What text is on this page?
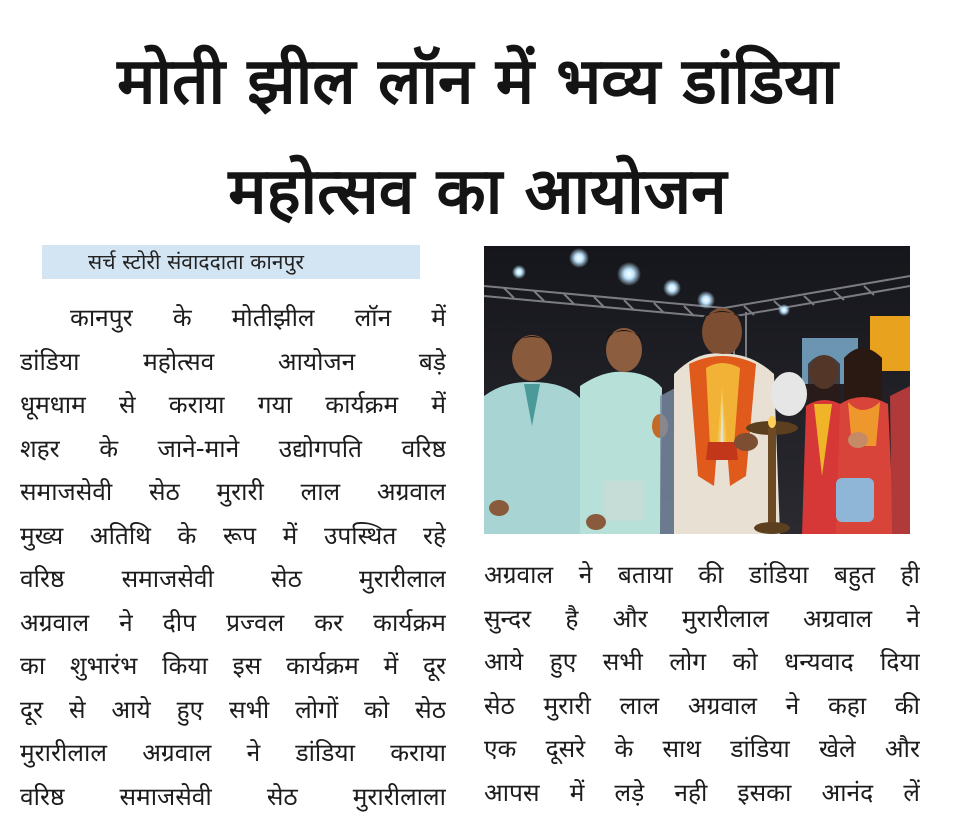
मोती झील लॉन में भव्य डांडिया
महोत्सव का आयोजन
सर्च स्टोरी संवाददाता कानपुर
कानपुर के मोतीझील लॉन में
डांडिया	महोत्सव	आयोजन	बड़े
धूमधाम से कराया गया कार्यक्रम में
शहर के जाने-माने उद्योगपति वरिष्ठ
समाजसेवी सेठ मुरारी लाल अग्रवाल
मुख्य अतिथि के रूप में उपस्थित रहे
वरिष्ठ समाजसेवी सेठ मुरारीलाल
अग्रवाल ने दीप प्रज्वल कर कार्यक्रम
का शुभारंभ किया इस कार्यक्रम में दूर
दूर से आये हुए सभी लोगों को सेठ
मुरारीलाल अग्रवाल ने डांडिया कराया
वरिष्ठ समाजसेवी सेठ मुरारीलाला
अग्रवाल ने बताया की डांडिया बहुत ही
सुन्दर है और मुरारीलाल अग्रवाल ने
आये हुए सभी लोग को धन्यवाद दिया
सेठ मुरारी लाल अग्रवाल ने कहा की
एक दूसरे के साथ डांडिया खेले और
आपस में लड़े नही इसका आनंद लें
